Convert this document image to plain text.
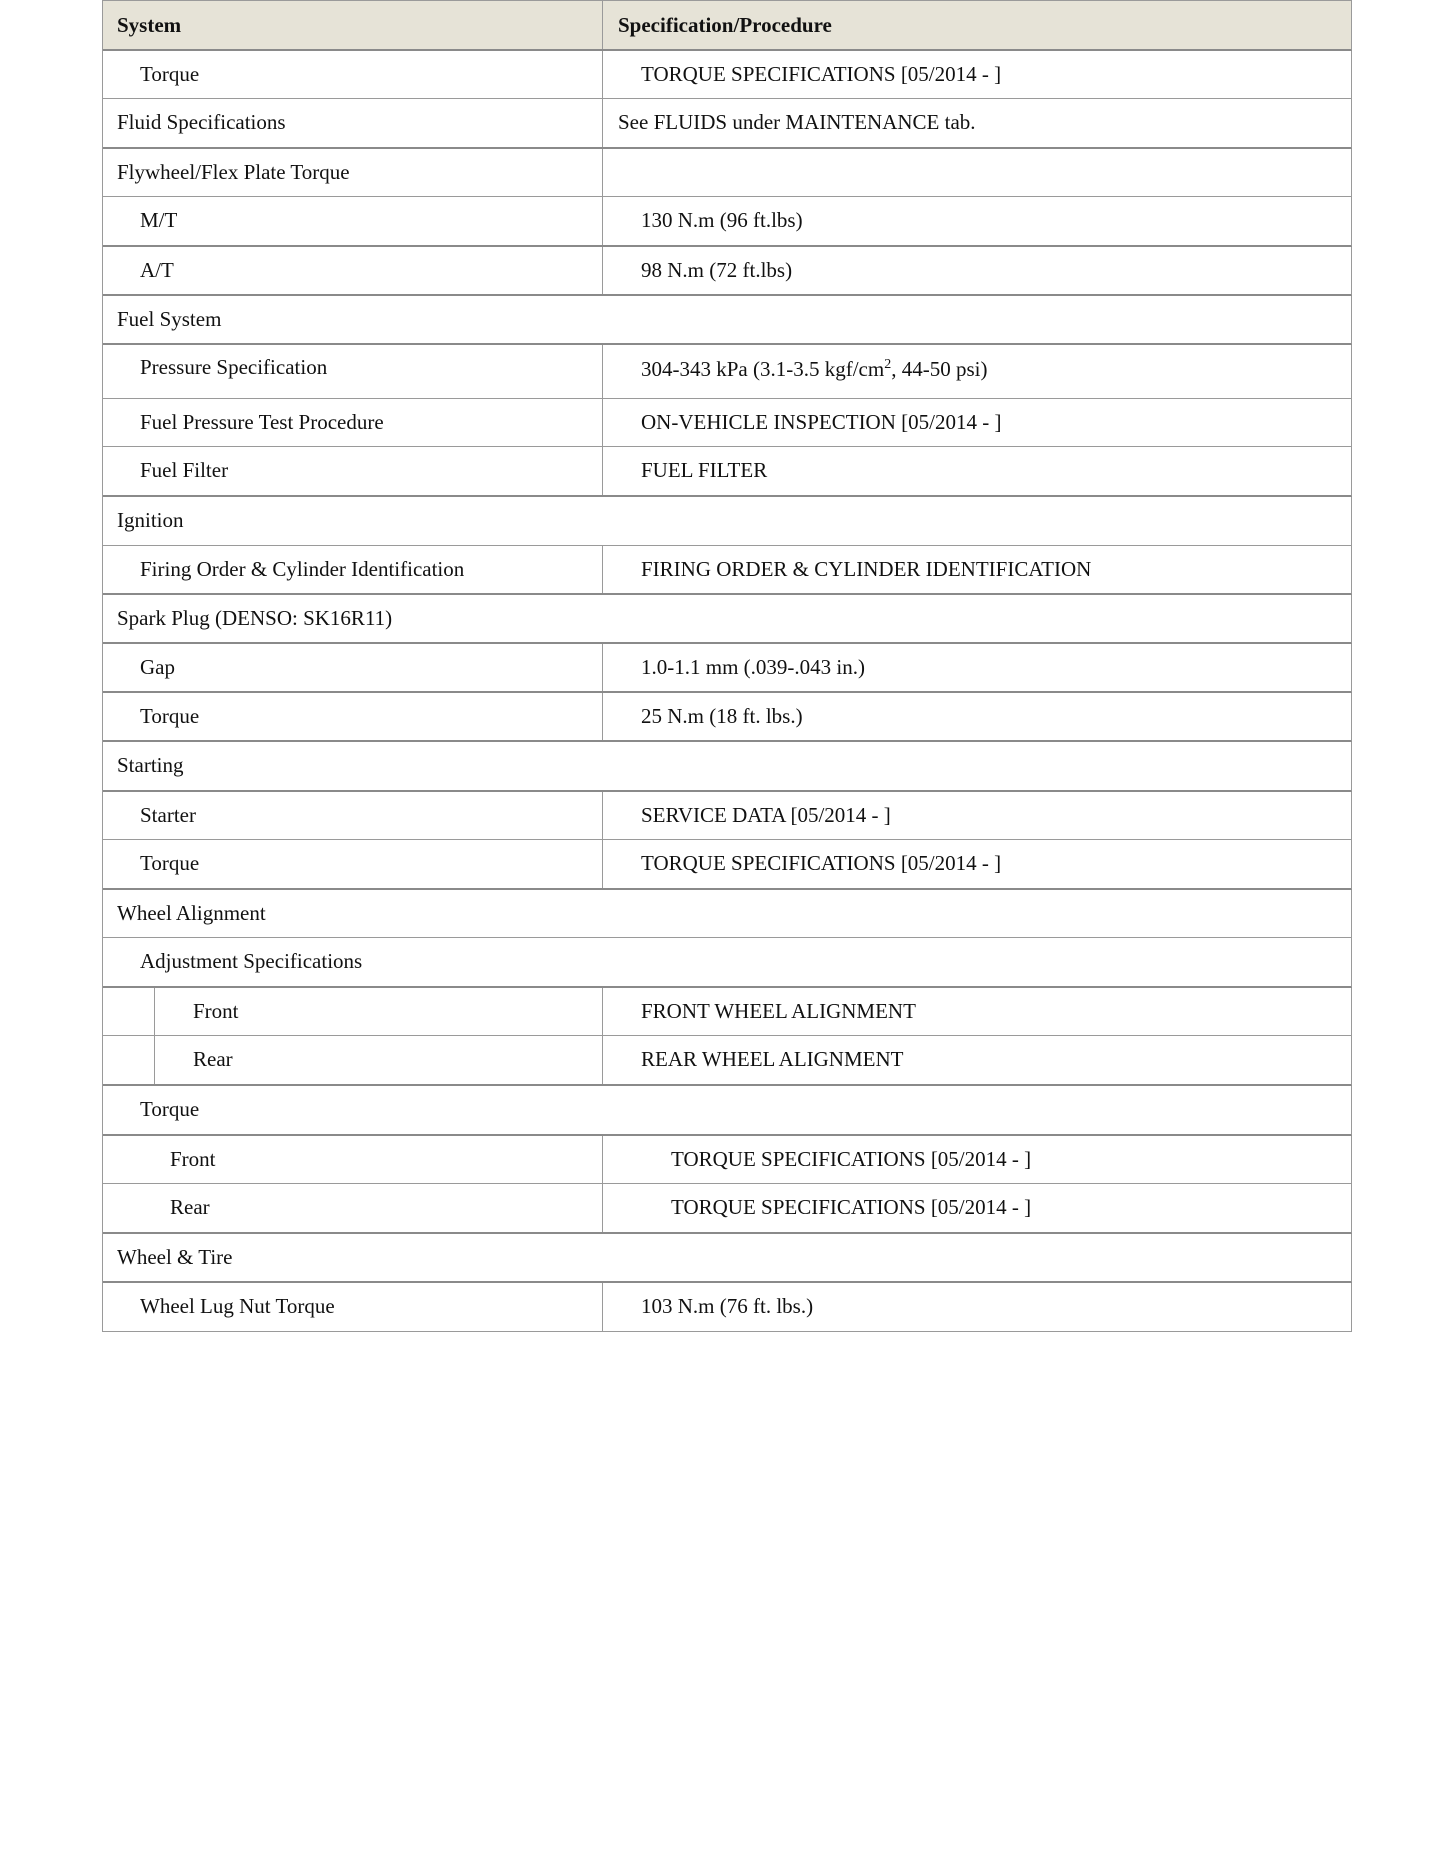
System	Specification/Procedure
Torque	TORQUE SPECIFICATIONS [05/2014 - ]
Fluid Specifications	See FLUIDS under MAINTENANCE tab.
Flywheel/Flex Plate Torque
M/T	130 N.m (96 ft.lbs)
A/T	98 N.m (72 ft.lbs)
Fuel System
Pressure Specification	304-343 kPa (3.1-3.5 kgf/cm 2 , 44-50 psi)
Fuel Pressure Test Procedure	ON-VEHICLE INSPECTION [05/2014 - ]
Fuel Filter	FUEL FILTER
Ignition
Firing Order & Cylinder Identification	FIRING ORDER & CYLINDER IDENTIFICATION
Spark Plug (DENSO: SK16R11)
Gap	1.0-1.1 mm (.039-.043 in.)
Torque	25 N.m (18 ft. lbs.)
Starting
Starter	SERVICE DATA [05/2014 - ]
Torque	TORQUE SPECIFICATIONS [05/2014 - ]
Wheel Alignment
Adjustment Specifications
Front	FRONT WHEEL ALIGNMENT
Rear	REAR WHEEL ALIGNMENT
Torque
Front	TORQUE SPECIFICATIONS [05/2014 - ]
Rear	TORQUE SPECIFICATIONS [05/2014 - ]
Wheel & Tire
Wheel Lug Nut Torque	103 N.m (76 ft. lbs.)
